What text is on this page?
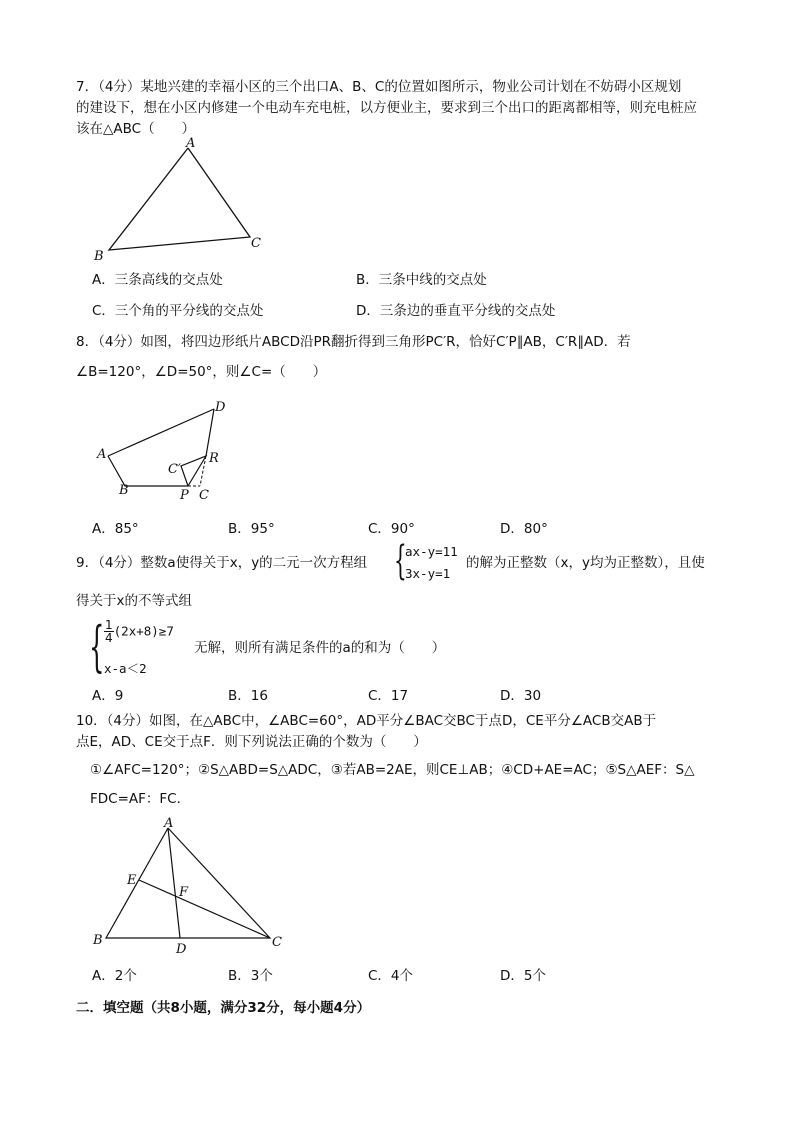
7．（4分）某地兴建的幸福小区的三个出口A、B、C的位置如图所示，物业公司计划在不妨碍小区规划
的建设下，想在小区内修建一个电动车充电桩，以方便业主，要求到三个出口的距离都相等，则充电桩应
该在△ABC（　　）
A
B
C
A．三条高线的交点处	B．三条中线的交点处
C．三个角的平分线的交点处	D．三条边的垂直平分线的交点处
8．（4分）如图，将四边形纸片ABCD沿PR翻折得到三角形PC′R，恰好C′P∥AB，C′R∥AD．若
∠B=120°，∠D=50°，则∠C=（　　）
A
B	C
D
P
R
C′
A．85°	B．95°	C．90°	D．80°
9．（4分）整数a使得关于x，y的二元一次方程组 {
ax-y=11
3x-y=1
的解为正整数（x，y均为正整数），且使
得关于x的不等式组
{ $\frac{1}{4} (2x+8)\ge 7$
x-a＜2
无解，则所有满足条件的a的和为（　　）
A．9	B．16	C．17	D．30
10．（4分）如图，在△ABC中，∠ABC=60°，AD平分∠BAC交BC于点D，CE平分∠ACB交AB于
点E，AD、CE交于点F．则下列说法正确的个数为（　　）
①∠AFC=120°；②S△ABD=S△ADC，③若AB=2AE，则CE⊥AB；④CD+AE=AC；⑤S△AEF：S△
FDC=AF：FC．
A
B	C
D
E
F
A．2个	B．3个	C．4个	D．5个
二．填空题（共8小题，满分32分，每小题4分）
